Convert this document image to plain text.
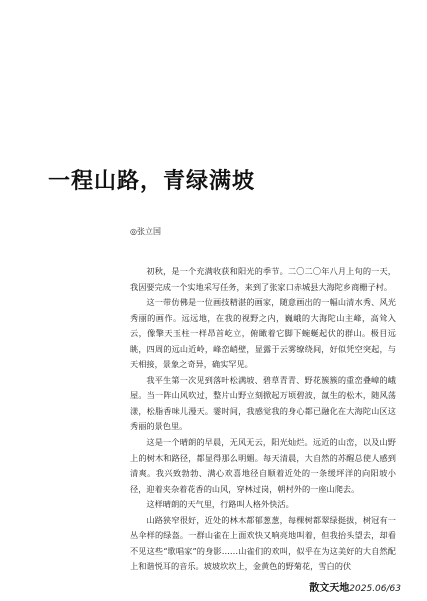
一程山路，青绿满坡
◎张立国

初秋，是一个充满收获和阳光的季节。二〇二〇年八月上旬的一天，我因要完成一个实地采写任务，来到了张家口赤城县大海陀乡商栅子村。

这一带仿佛是一位画技精湛的画家，随意画出的一幅山清水秀、风光秀丽的画作。远远地，在我的视野之内，巍峨的大海陀山主峰，高耸入云，像擎天玉柱一样昂首屹立，俯瞰着它脚下蜿蜒起伏的群山。极目远眺，四周的远山近岭，峰峦峭壁，显露于云雾缭绕间，好似凭空突起，与天相接，景象之奇异，确实罕见。

我平生第一次见到落叶松满坡、碧草青青、野花簇簇的重峦叠嶂的峨屋。当一阵山风吹过，整片山野立刻掀起万顷碧波，氤生的松木，随风荡漾，松脂香味儿漫天。霎时间，我感觉我的身心都已融化在大海陀山区这秀丽的景色里。

这是一个晴朗的早晨，无风无云，阳光灿烂。远近的山峦，以及山野上的树木和路径，都显得那么明媚。每天清晨，大自然的苏醒总使人感到清爽。我兴致勃勃、满心欢喜地径自顺着近处的一条缓坪洋的向阳坡小径，迎着夹杂着花香的山风，穿林过岗，朝村外的一座山爬去。

这样晴朗的天气里，行路叫人格外快活。

山路狭窄很好，近处的林木都郁葱葱，每棵树都翠绿挺拔，树冠有一丛伞样的绿盔。一群山雀在上面欢快又响亮地叫着，但我抬头望去，却看不见这些“歌唱家”的身影……山雀们的欢叫，似乎在为这美好的大自然配上和谐悦耳的音乐。坡坡坎坎上，金黄色的野菊花，雪白的伏

散文天地2025.06/63
